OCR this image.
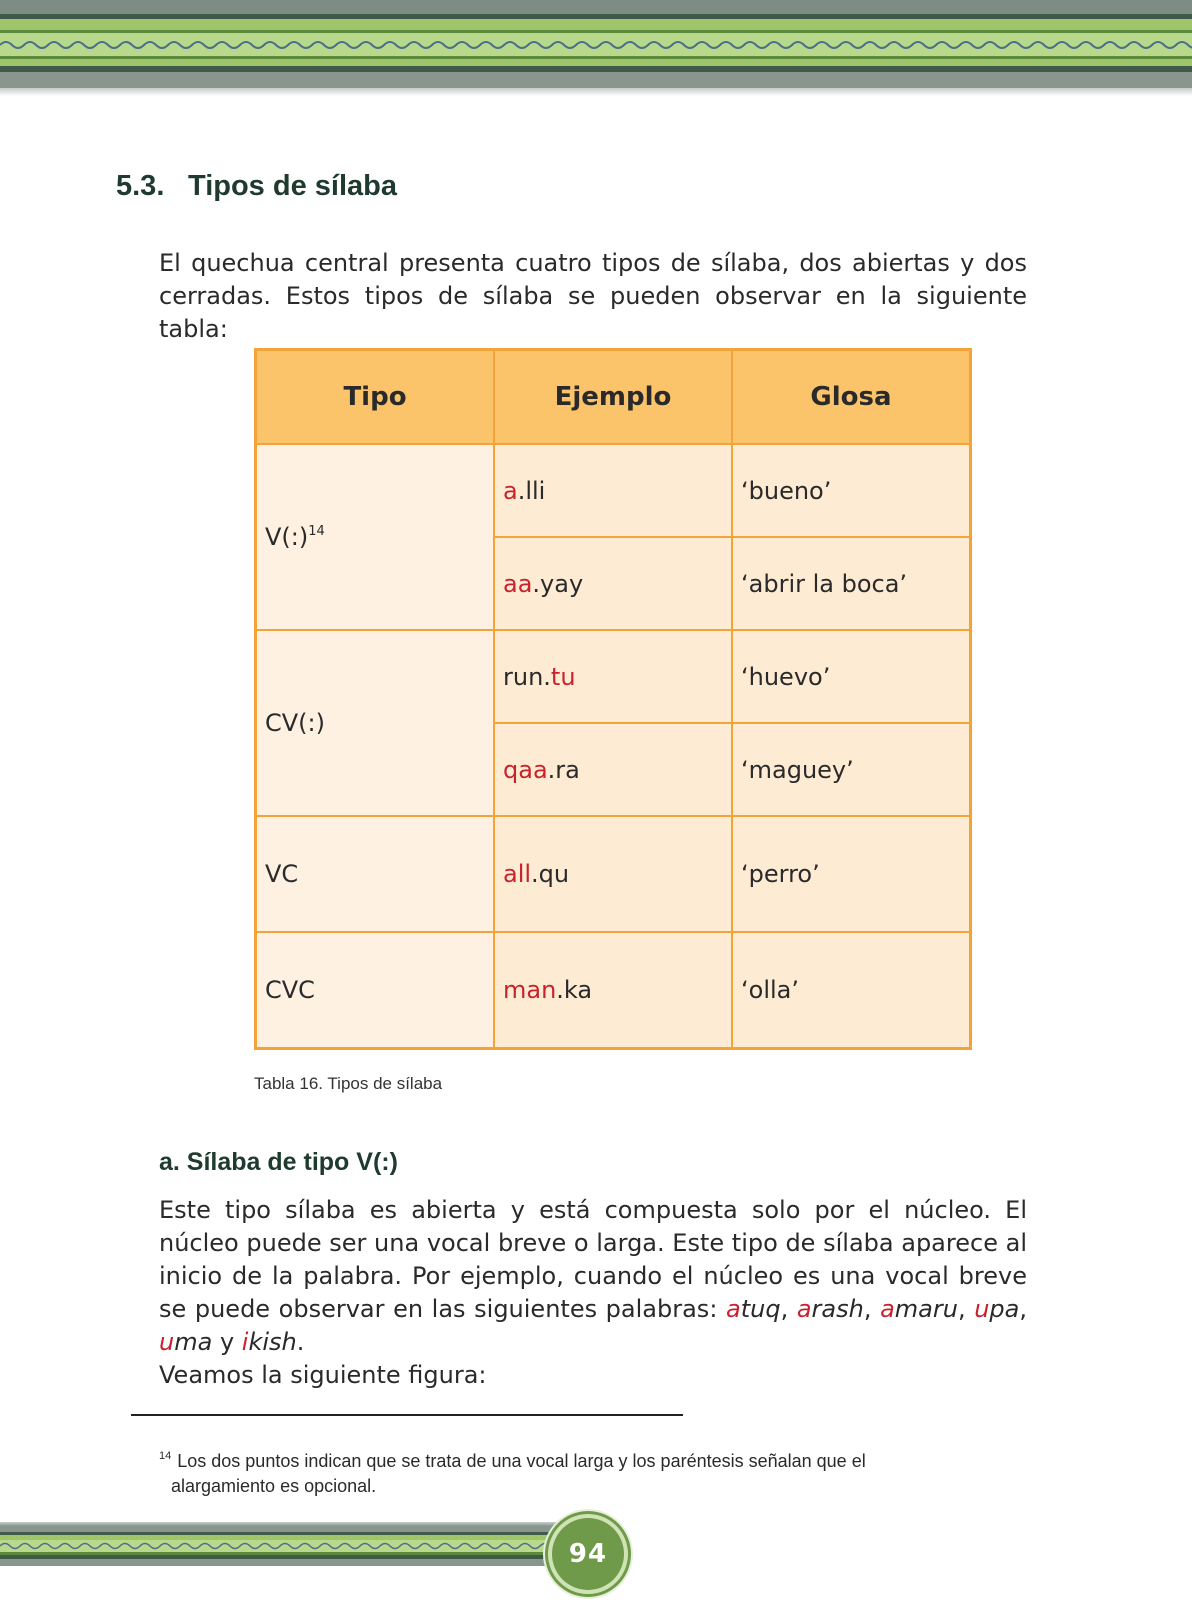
5.3. Tipos de sílaba

El quechua central presenta cuatro tipos de sílaba, dos abiertas y dos cerradas. Estos tipos de sílaba se pueden observar en la siguiente tabla:

Tipo	Ejemplo	Glosa
V(:)$^{14}$	a.lli	‘bueno’
	aa.yay	‘abrir la boca’
CV(:)	run.tu	‘huevo’
	qaa.ra	‘maguey’
VC	all.qu	‘perro’
CVC	man.ka	‘olla’

Tabla 16. Tipos de sílaba

a. Sílaba de tipo V(:)

Este tipo sílaba es abierta y está compuesta solo por el núcleo. El núcleo puede ser una vocal breve o larga. Este tipo de sílaba aparece al inicio de la palabra. Por ejemplo, cuando el núcleo es una vocal breve se puede observar en las siguientes palabras: atuq, arash, amaru, upa, uma y ikish.
Veamos la siguiente figura:

$^{14}$ Los dos puntos indican que se trata de una vocal larga y los paréntesis señalan que el
alargamiento es opcional.

94
